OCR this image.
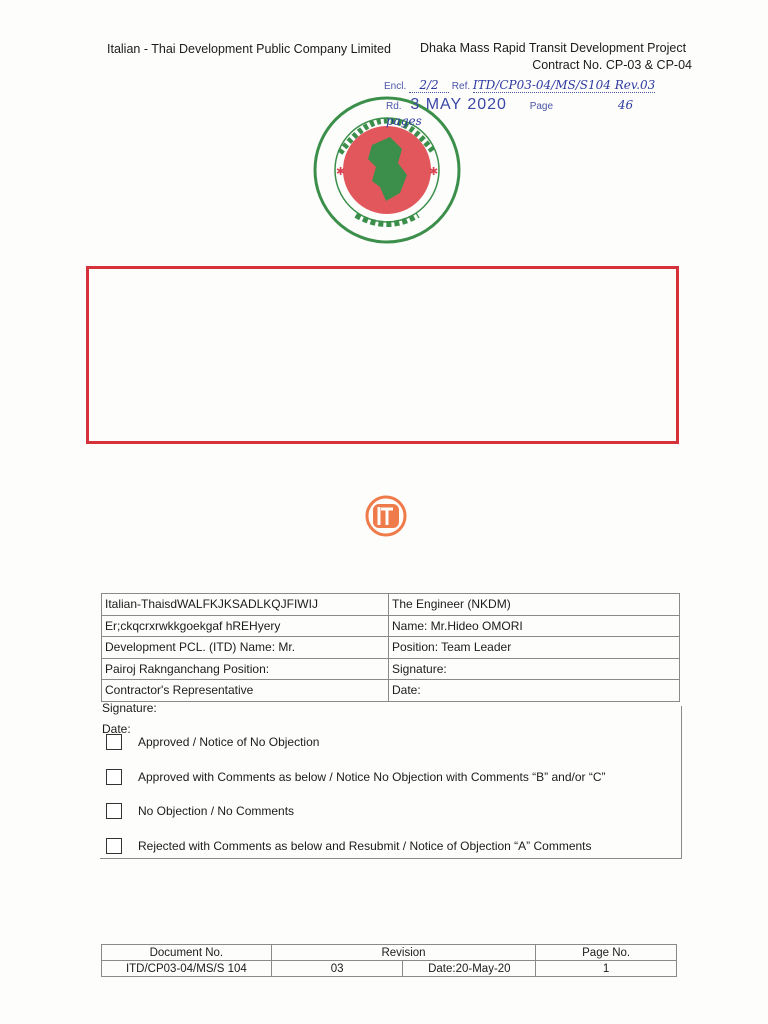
Italian - Thai Development Public Company Limited Dhaka Mass Rapid Transit Development Project
Contract No. CP-03 & CP-04
Encl. 2/2 Ref. ITD/CP03-04/MS/S104 Rev.03
✱	✱
Rd. 3 MAY 2020 Page	46 pages
Italian-ThaisdWALFKJKSADLKQJFIWIJ	The Engineer (NKDM)
Er;ckqcrxrwkkgoekgaf hREHyery	Name: Mr.Hideo OMORI
Development PCL. (ITD) Name: Mr.	Position: Team Leader
Pairoj Raknganchang Position:	Signature:
Contractor's Representative	Date:
Approved / Notice of No Objection
Approved with Comments as below / Notice No Objection with Comments “B” and/or “C”
No Objection / No Comments
Rejected with Comments as below and Resubmit / Notice of Objection “A” Comments
Signature:
Date:
Document No.	Revision		Page No.
ITD/CP03-04/MS/S 104	03	Date:20-May-20	1
